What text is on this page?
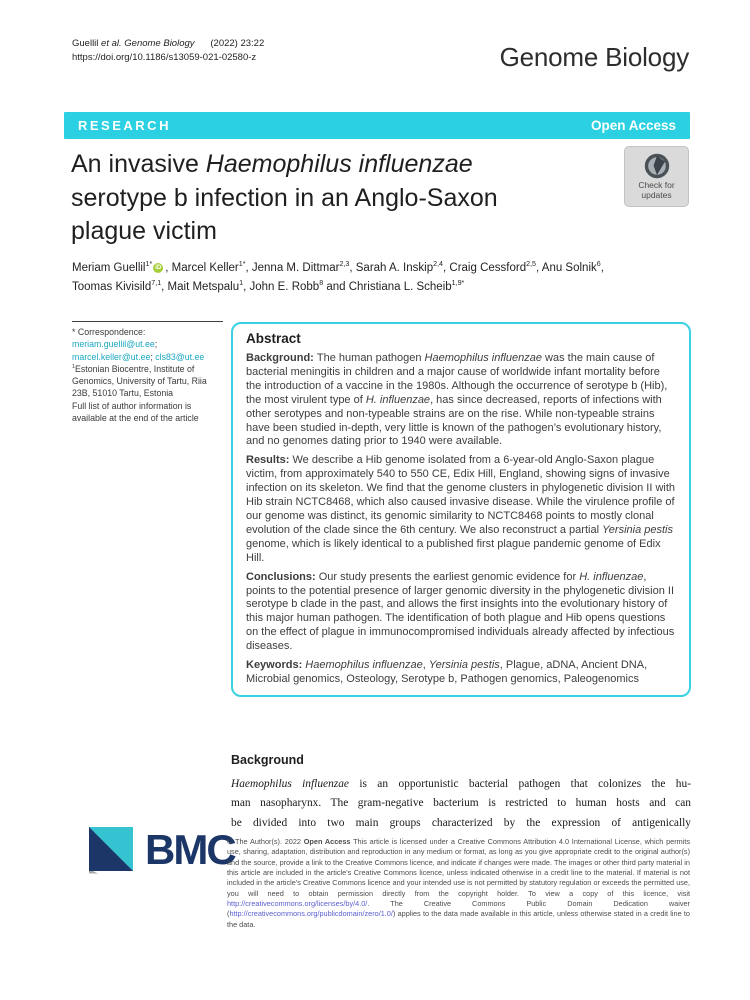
Guellil et al. Genome Biology      (2022) 23:22
https://doi.org/10.1186/s13059-021-02580-z	Genome Biology
RESEARCH	Open Access
An invasive Haemophilus influenzae
serotype b infection in an Anglo-Saxon
plague victim
Check for
updates
Meriam Guellil$^{1*}$ iD , Marcel Keller$^{1*}$, Jenna M. Dittmar$^{2,3}$, Sarah A. Inskip$^{2,4}$, Craig Cessford$^{2,5}$, Anu Solnik$^6$,
Toomas Kivisild$^{7,1}$, Mait Metspalu$^1$, John E. Robb$^8$ and Christiana L. Scheib$^{1,9*}$

* Correspondence: meriam.guellil@ut.ee; marcel.keller@ut.ee; cls83@ut.ee

$^1$Estonian Biocentre, Institute of Genomics, University of Tartu, Riia 23B, 51010 Tartu, Estonia

Full list of author information is available at the end of the article

Abstract

Background: The human pathogen Haemophilus influenzae was the main cause of bacterial meningitis in children and a major cause of worldwide infant mortality before the introduction of a vaccine in the 1980s. Although the occurrence of serotype b (Hib), the most virulent type of H. influenzae, has since decreased, reports of infections with other serotypes and non-typeable strains are on the rise. While non-typeable strains have been studied in-depth, very little is known of the pathogen’s evolutionary history, and no genomes dating prior to 1940 were available.

Results: We describe a Hib genome isolated from a 6-year-old Anglo-Saxon plague victim, from approximately 540 to 550 CE, Edix Hill, England, showing signs of invasive infection on its skeleton. We find that the genome clusters in phylogenetic division II with Hib strain NCTC8468, which also caused invasive disease. While the virulence profile of our genome was distinct, its genomic similarity to NCTC8468 points to mostly clonal evolution of the clade since the 6th century. We also reconstruct a partial Yersinia pestis genome, which is likely identical to a published first plague pandemic genome of Edix Hill.

Conclusions: Our study presents the earliest genomic evidence for H. influenzae, points to the potential presence of larger genomic diversity in the phylogenetic division II serotype b clade in the past, and allows the first insights into the evolutionary history of this major human pathogen. The identification of both plague and Hib opens questions on the effect of plague in immunocompromised individuals already affected by infectious diseases.

Keywords: Haemophilus influenzae, Yersinia pestis, Plague, aDNA, Ancient DNA, Microbial genomics, Osteology, Serotype b, Pathogen genomics, Paleogenomics

Background
Haemophilus influenzae is an opportunistic bacterial pathogen that colonizes the hu-
man nasopharynx. The gram-negative bacterium is restricted to human hosts and can
be divided into two main groups characterized by the expression of antigenically
BMC
© The Author(s). 2022 Open Access This article is licensed under a Creative Commons Attribution 4.0 International License, which permits use, sharing, adaptation, distribution and reproduction in any medium or format, as long as you give appropriate credit to the original author(s) and the source, provide a link to the Creative Commons licence, and indicate if changes were made. The images or other third party material in this article are included in the article's Creative Commons licence, unless indicated otherwise in a credit line to the material. If material is not included in the article's Creative Commons licence and your intended use is not permitted by statutory regulation or exceeds the permitted use, you will need to obtain permission directly from the copyright holder. To view a copy of this licence, visit http://creativecommons.org/licenses/by/4.0/. The Creative Commons Public Domain Dedication waiver (http://creativecommons.org/publicdomain/zero/1.0/) applies to the data made available in this article, unless otherwise stated in a credit line to the data.
